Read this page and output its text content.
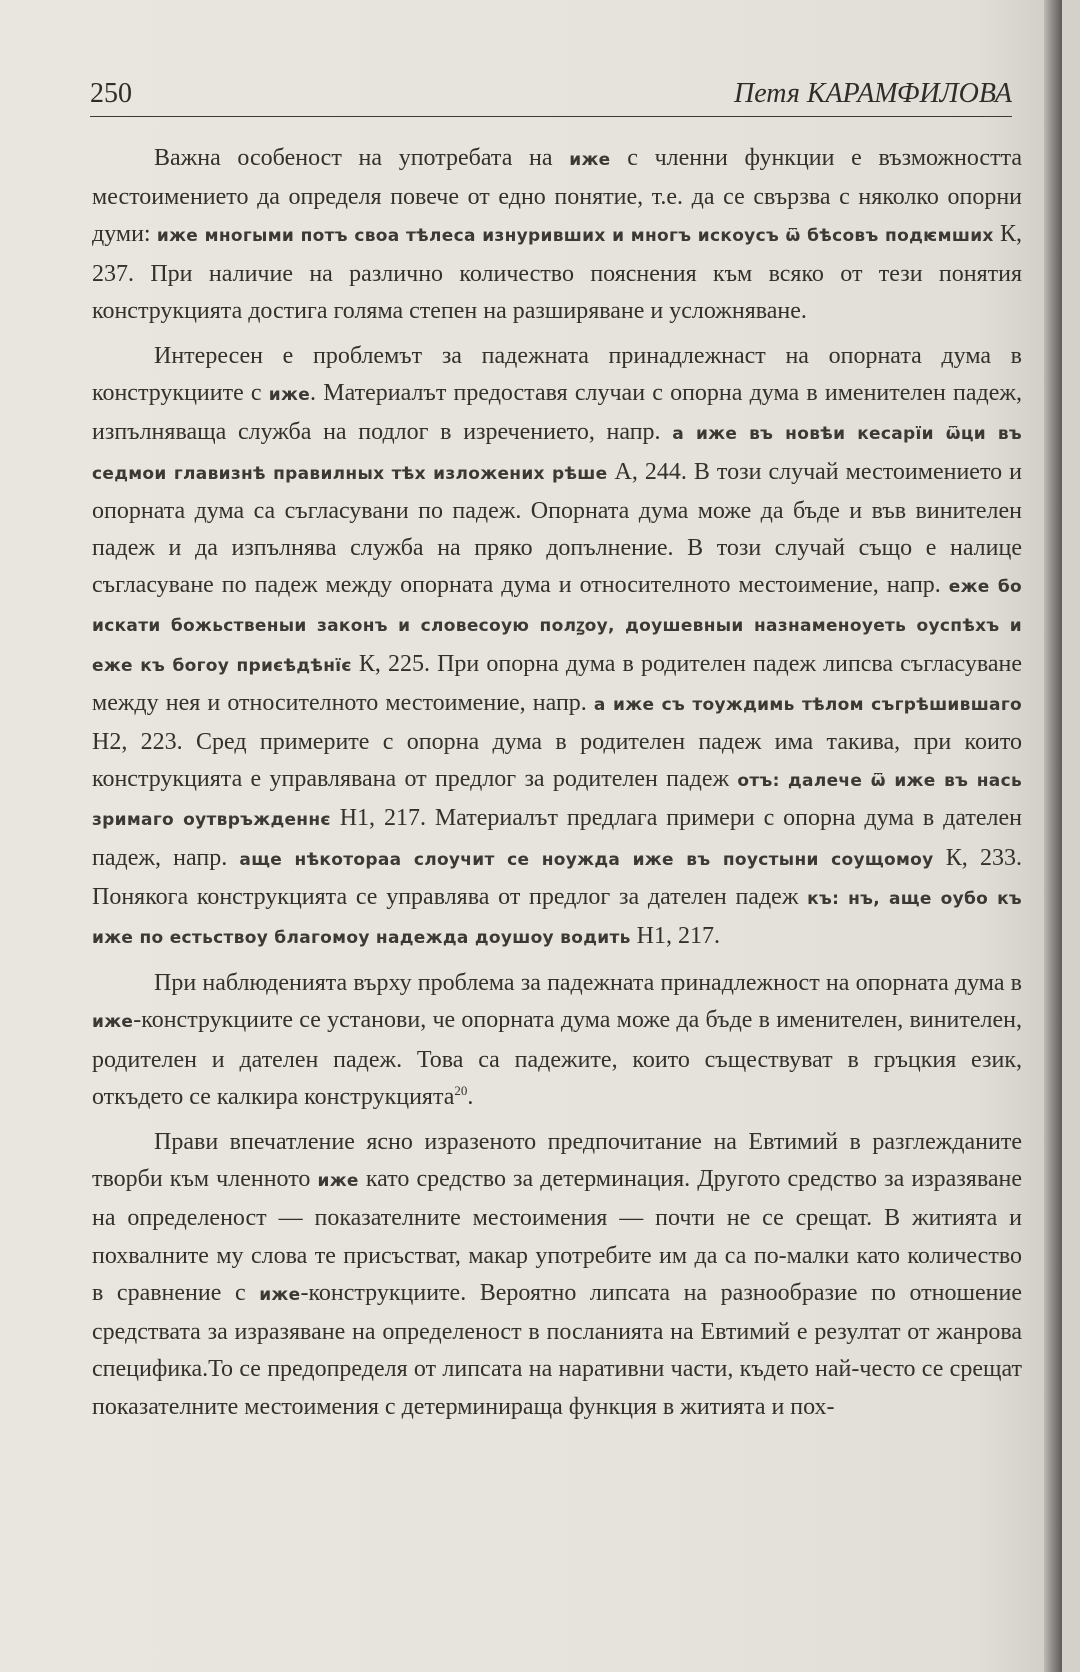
250	Петя КАРАМФИЛОВА

Важна особеност на употребата на иже с членни функции е възможността местоимението да определя повече от едно понятие, т.е. да се свързва с няколко опорни думи: иже многыми потъ своа тѣлеса изнуривших и многъ искоусъ ѿ бѣсовъ подѥмших К, 237. При наличие на различно количество пояснения към всяко от тези понятия конструкцията достига голяма степен на разширяване и усложняване.

Интересен е проблемът за падежната принадлежнаст на опорната дума в конструкциите с иже. Материалът предоставя случаи с опорна дума в именителен падеж, изпълняваща служба на подлог в изречението, напр. а иже въ новѣи кесарїи ѿци въ седмои главизнѣ правилных тѣх изложених рѣше А, 244. В този случай местоимението и опорната дума са съгласувани по падеж. Опорната дума може да бъде и във винителен падеж и да изпълнява служба на пряко допълнение. В този случай също е налице съгласуване по падеж между опорната дума и относителното местоимение, напр. еже бо искати божьственыи законъ и словесоую полꙁоу, доушевныи назнаменоуеть оуспѣхъ и еже къ богоу приєѣдѣнїє К, 225. При опорна дума в родителен падеж липсва съгласуване между нея и относителното местоимение, напр. а иже съ тоуждимь тѣлом съгрѣшившаго Н2, 223. Сред примерите с опорна дума в родителен падеж има такива, при които конструкцията е управлявана от предлог за родителен падеж отъ: далече ѿ иже въ нась зримаго оутвръжденнє Н1, 217. Материалът предлага примери с опорна дума в дателен падеж, напр. аще нѣкотораа слоучит се ноужда иже въ поустыни соущомоу К, 233. Понякога конструкцията се управлява от предлог за дателен падеж къ: нъ, аще оубо къ иже по естьствоу благомоу надежда доушоу водить Н1, 217.

При наблюденията върху проблема за падежната принадлежност на опорната дума в иже-конструкциите се установи, че опорната дума може да бъде в именителен, винителен, родителен и дателен падеж. Това са падежите, които съществуват в гръцкия език, откъдето се калкира конструкцията$^{20}$.

Прави впечатление ясно изразеното предпочитание на Евтимий в разглежданите творби към членното иже като средство за детерминация. Другото средство за изразяване на определеност — показателните местоимения — почти не се срещат. В житията и похвалните му слова те присъстват, макар употребите им да са по-малки като количество в сравнение с иже-конструкциите. Вероятно липсата на разнообразие по отношение средствата за изразяване на определеност в посланията на Евтимий е резултат от жанрова специфика.То се предопределя от липсата на наративни части, където най-често се срещат показателните местоимения с детерминираща функция в житията и пох-
